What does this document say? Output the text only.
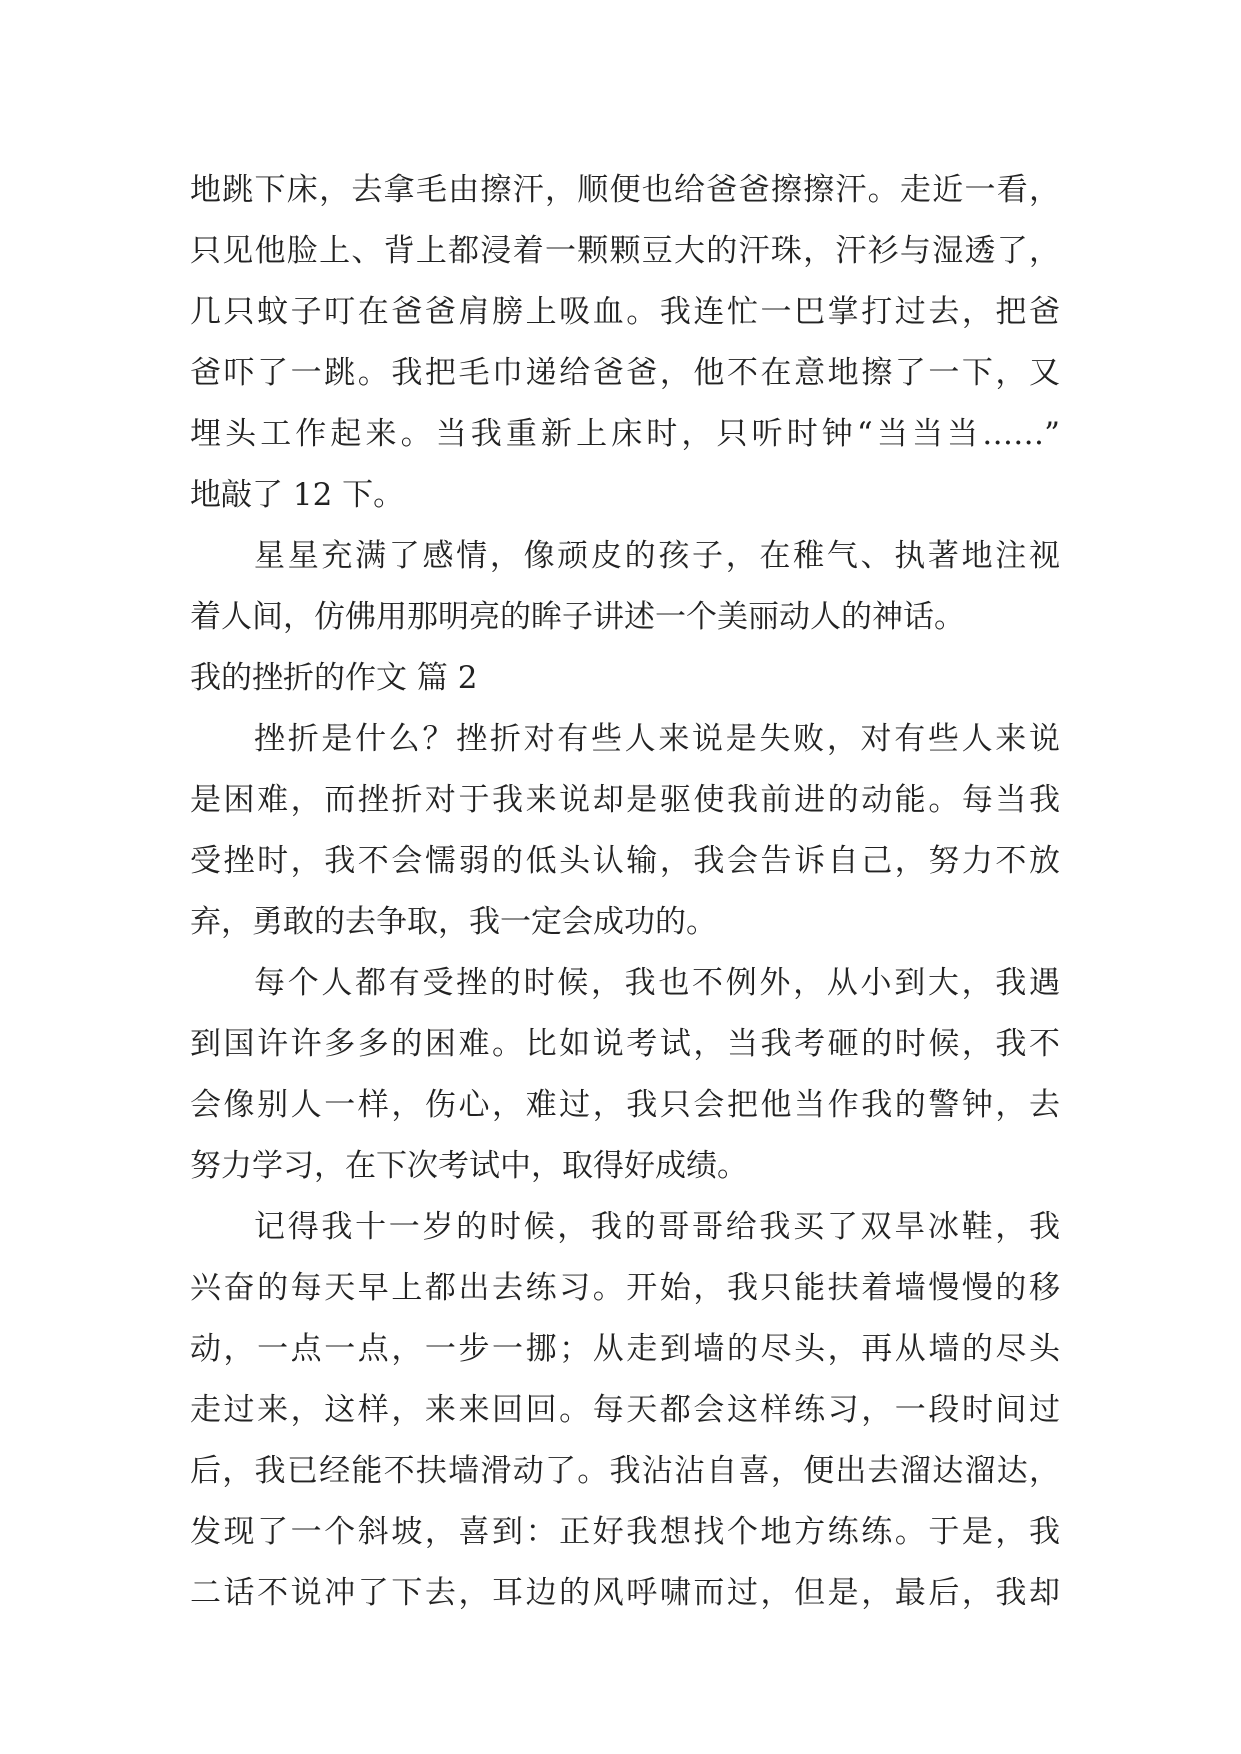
地跳下床，去拿毛由擦汗，顺便也给爸爸擦擦汗。走近一看，
只见他脸上、背上都浸着一颗颗豆大的汗珠，汗衫与湿透了，
几只蚊子叮在爸爸肩膀上吸血。我连忙一巴掌打过去，把爸
爸吓了一跳。我把毛巾递给爸爸，他不在意地擦了一下，又
埋头工作起来。当我重新上床时，只听时钟“当当当……”
地敲了 12 下。
星星充满了感情，像顽皮的孩子，在稚气、执著地注视
着人间，仿佛用那明亮的眸子讲述一个美丽动人的神话。
我的挫折的作文 篇 2
挫折是什么？挫折对有些人来说是失败，对有些人来说
是困难，而挫折对于我来说却是驱使我前进的动能。每当我
受挫时，我不会懦弱的低头认输，我会告诉自己，努力不放
弃，勇敢的去争取，我一定会成功的。
每个人都有受挫的时候，我也不例外，从小到大，我遇
到国许许多多的困难。比如说考试，当我考砸的时候，我不
会像别人一样，伤心，难过，我只会把他当作我的警钟，去
努力学习，在下次考试中，取得好成绩。
记得我十一岁的时候，我的哥哥给我买了双旱冰鞋，我
兴奋的每天早上都出去练习。开始，我只能扶着墙慢慢的移
动，一点一点，一步一挪；从走到墙的尽头，再从墙的尽头
走过来，这样，来来回回。每天都会这样练习，一段时间过
后，我已经能不扶墙滑动了。我沾沾自喜，便出去溜达溜达，
发现了一个斜坡，喜到：正好我想找个地方练练。于是，我
二话不说冲了下去，耳边的风呼啸而过，但是，最后，我却
